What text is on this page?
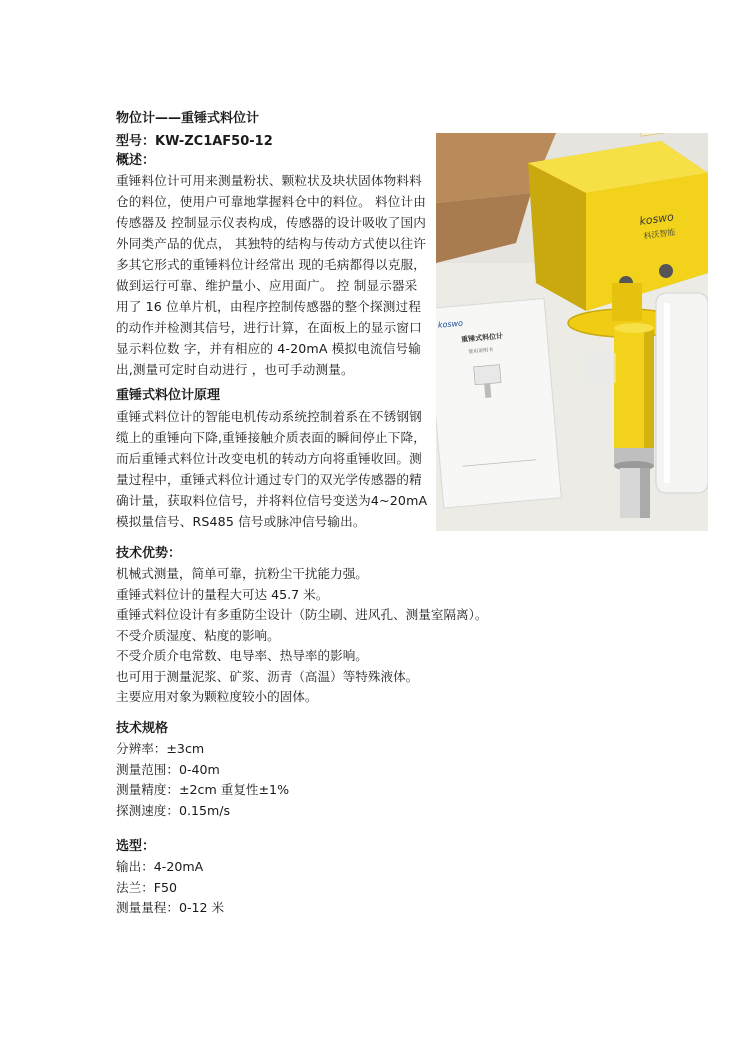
物位计——重锤式料位计
型号：KW-ZC1AF50-12
概述：
重锤料位计可用来测量粉状、颗粒状及块状固体物料料仓的料位，使用户可靠地掌握料仓中的料位。 料位计由传感器及 控制显示仪表构成，传感器的设计吸收了国内外同类产品的优点， 其独特的结构与传动方式使以往许多其它形式的重锤料位计经常出 现的毛病都得以克服，做到运行可靠、维护量小、应用面广。 控 制显示器采用了 16 位单片机，由程序控制传感器的整个探测过程 的动作并检测其信号，进行计算，在面板上的显示窗口显示料位数 字，并有相应的 4-20mA 模拟电流信号输出,测量可定时自动进行 ，也可手动测量。
重锤式料位计原理
重锤式料位计的智能电机传动系统控制着系在不锈钢钢缆上的重锤向下降,重锤接触介质表面的瞬间停止下降，而后重锤式料位计改变电机的转动方向将重锤收回。测量过程中，重锤式料位计通过专门的双光学传感器的精确计量，获取料位信号，并将料位信号变送为4~20mA 模拟量信号、RS485 信号或脉冲信号输出。
技术优势：
机械式测量，简单可靠，抗粉尘干扰能力强。
重锤式料位计的量程大可达 45.7 米。
重锤式料位设计有多重防尘设计（防尘刷、进风孔、测量室隔离）。
不受介质湿度、粘度的影响。
不受介质介电常数、电导率、热导率的影响。
也可用于测量泥浆、矿浆、沥青（高温）等特殊液体。
主要应用对象为颗粒度较小的固体。
技术规格
分辨率：±3cm
测量范围：0-40m
测量精度：±2cm 重复性±1%
探测速度：0.15m/s
选型：
输出：4-20mA
法兰：F50
测量量程：0-12 米
koswo
科沃智能
koswo
重锤式料位计
使用说明书
